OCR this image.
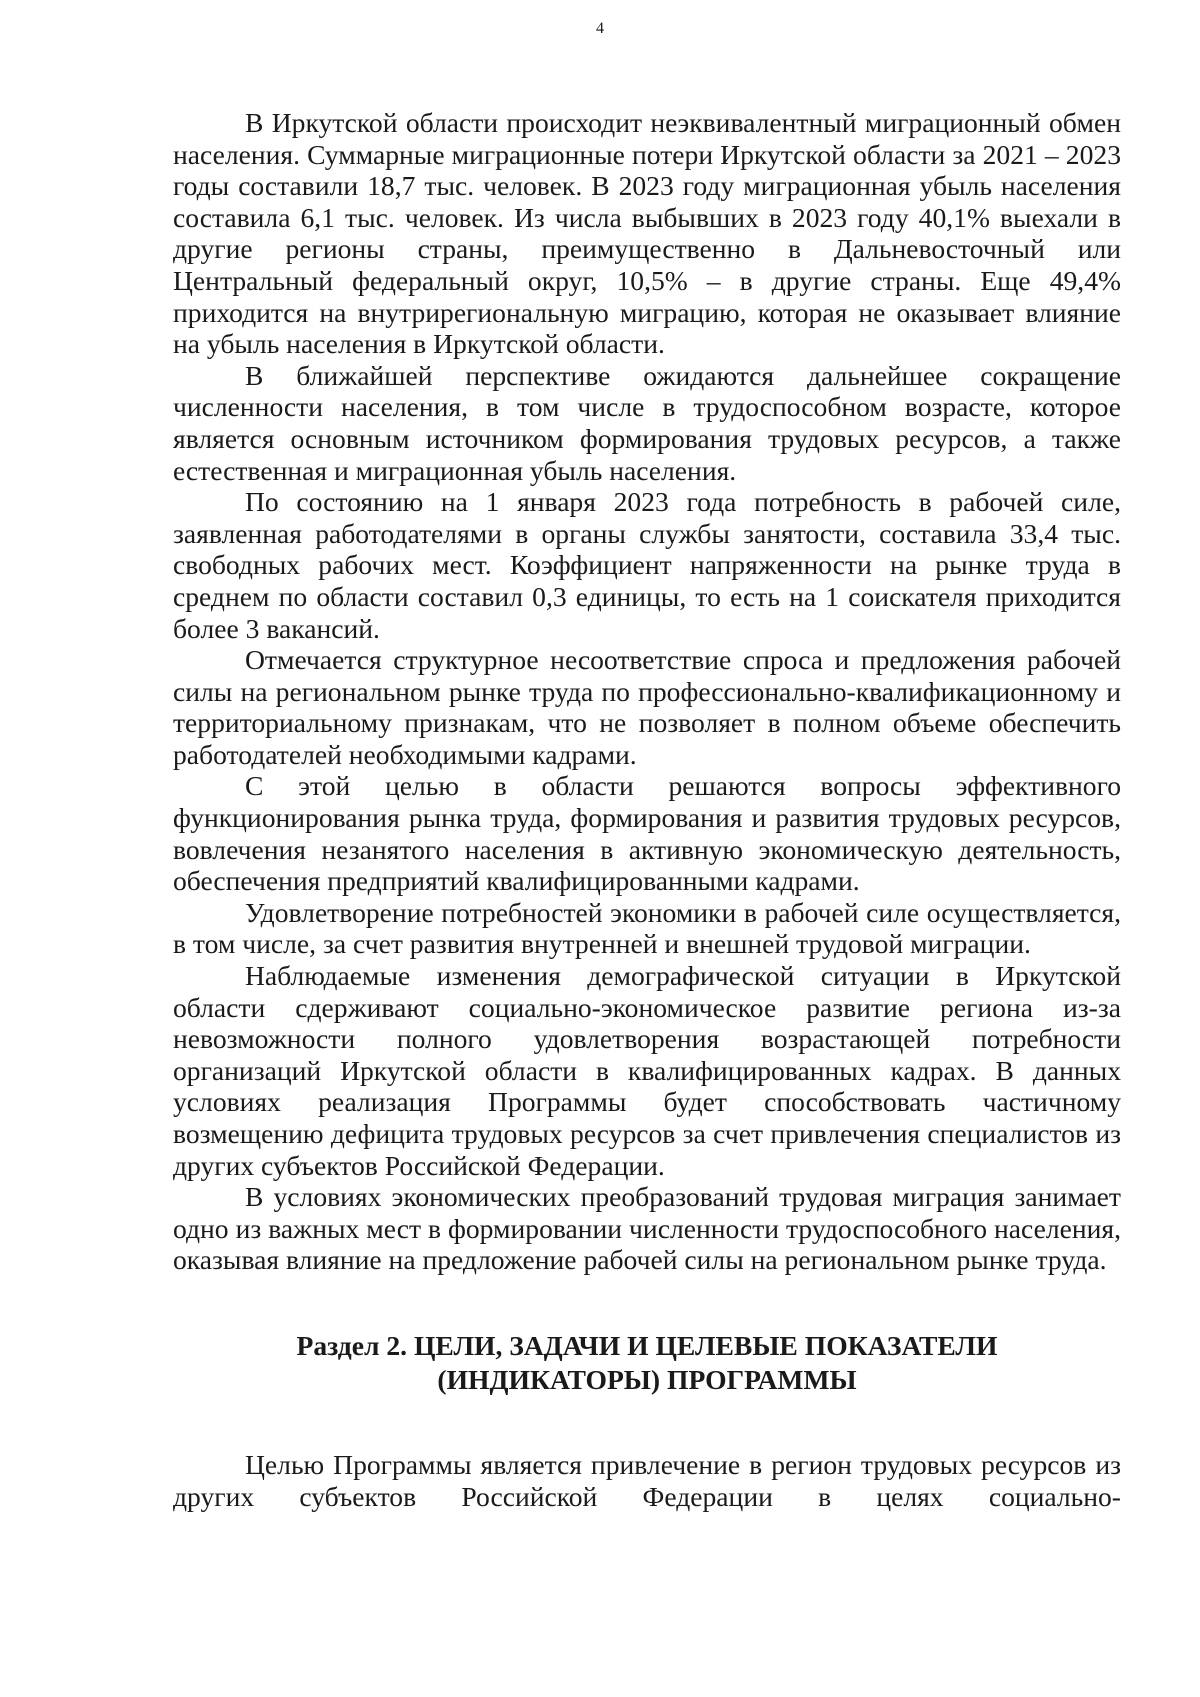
4

В Иркутской области происходит неэквивалентный миграционный обмен населения. Суммарные миграционные потери Иркутской области за 2021 – 2023 годы составили 18,7 тыс. человек. В 2023 году миграционная убыль населения составила 6,1 тыс. человек. Из числа выбывших в 2023 году 40,1% выехали в другие регионы страны, преимущественно в Дальневосточный или Центральный федеральный округ, 10,5% – в другие страны. Еще 49,4% приходится на внутрирегиональную миграцию, которая не оказывает влияние на убыль населения в Иркутской области.

В ближайшей перспективе ожидаются дальнейшее сокращение численности населения, в том числе в трудоспособном возрасте, которое является основным источником формирования трудовых ресурсов, а также естественная и миграционная убыль населения.

По состоянию на 1 января 2023 года потребность в рабочей силе, заявленная работодателями в органы службы занятости, составила 33,4 тыс. свободных рабочих мест. Коэффициент напряженности на рынке труда в среднем по области составил 0,3 единицы, то есть на 1 соискателя приходится более 3 вакансий.

Отмечается структурное несоответствие спроса и предложения рабочей силы на региональном рынке труда по профессионально-квалификационному и территориальному признакам, что не позволяет в полном объеме обеспечить работодателей необходимыми кадрами.

С этой целью в области решаются вопросы эффективного функционирования рынка труда, формирования и развития трудовых ресурсов, вовлечения незанятого населения в активную экономическую деятельность, обеспечения предприятий квалифицированными кадрами.

Удовлетворение потребностей экономики в рабочей силе осуществляется, в том числе, за счет развития внутренней и внешней трудовой миграции.

Наблюдаемые изменения демографической ситуации в Иркутской области сдерживают социально-экономическое развитие региона из-за невозможности полного удовлетворения возрастающей потребности организаций Иркутской области в квалифицированных кадрах. В данных условиях реализация Программы будет способствовать частичному возмещению дефицита трудовых ресурсов за счет привлечения специалистов из других субъектов Российской Федерации.

В условиях экономических преобразований трудовая миграция занимает одно из важных мест в формировании численности трудоспособного населения, оказывая влияние на предложение рабочей силы на региональном рынке труда.

Раздел 2. ЦЕЛИ, ЗАДАЧИ И ЦЕЛЕВЫЕ ПОКАЗАТЕЛИ
(ИНДИКАТОРЫ) ПРОГРАММЫ

Целью Программы является привлечение в регион трудовых ресурсов из других субъектов Российской Федерации в целях социально-
